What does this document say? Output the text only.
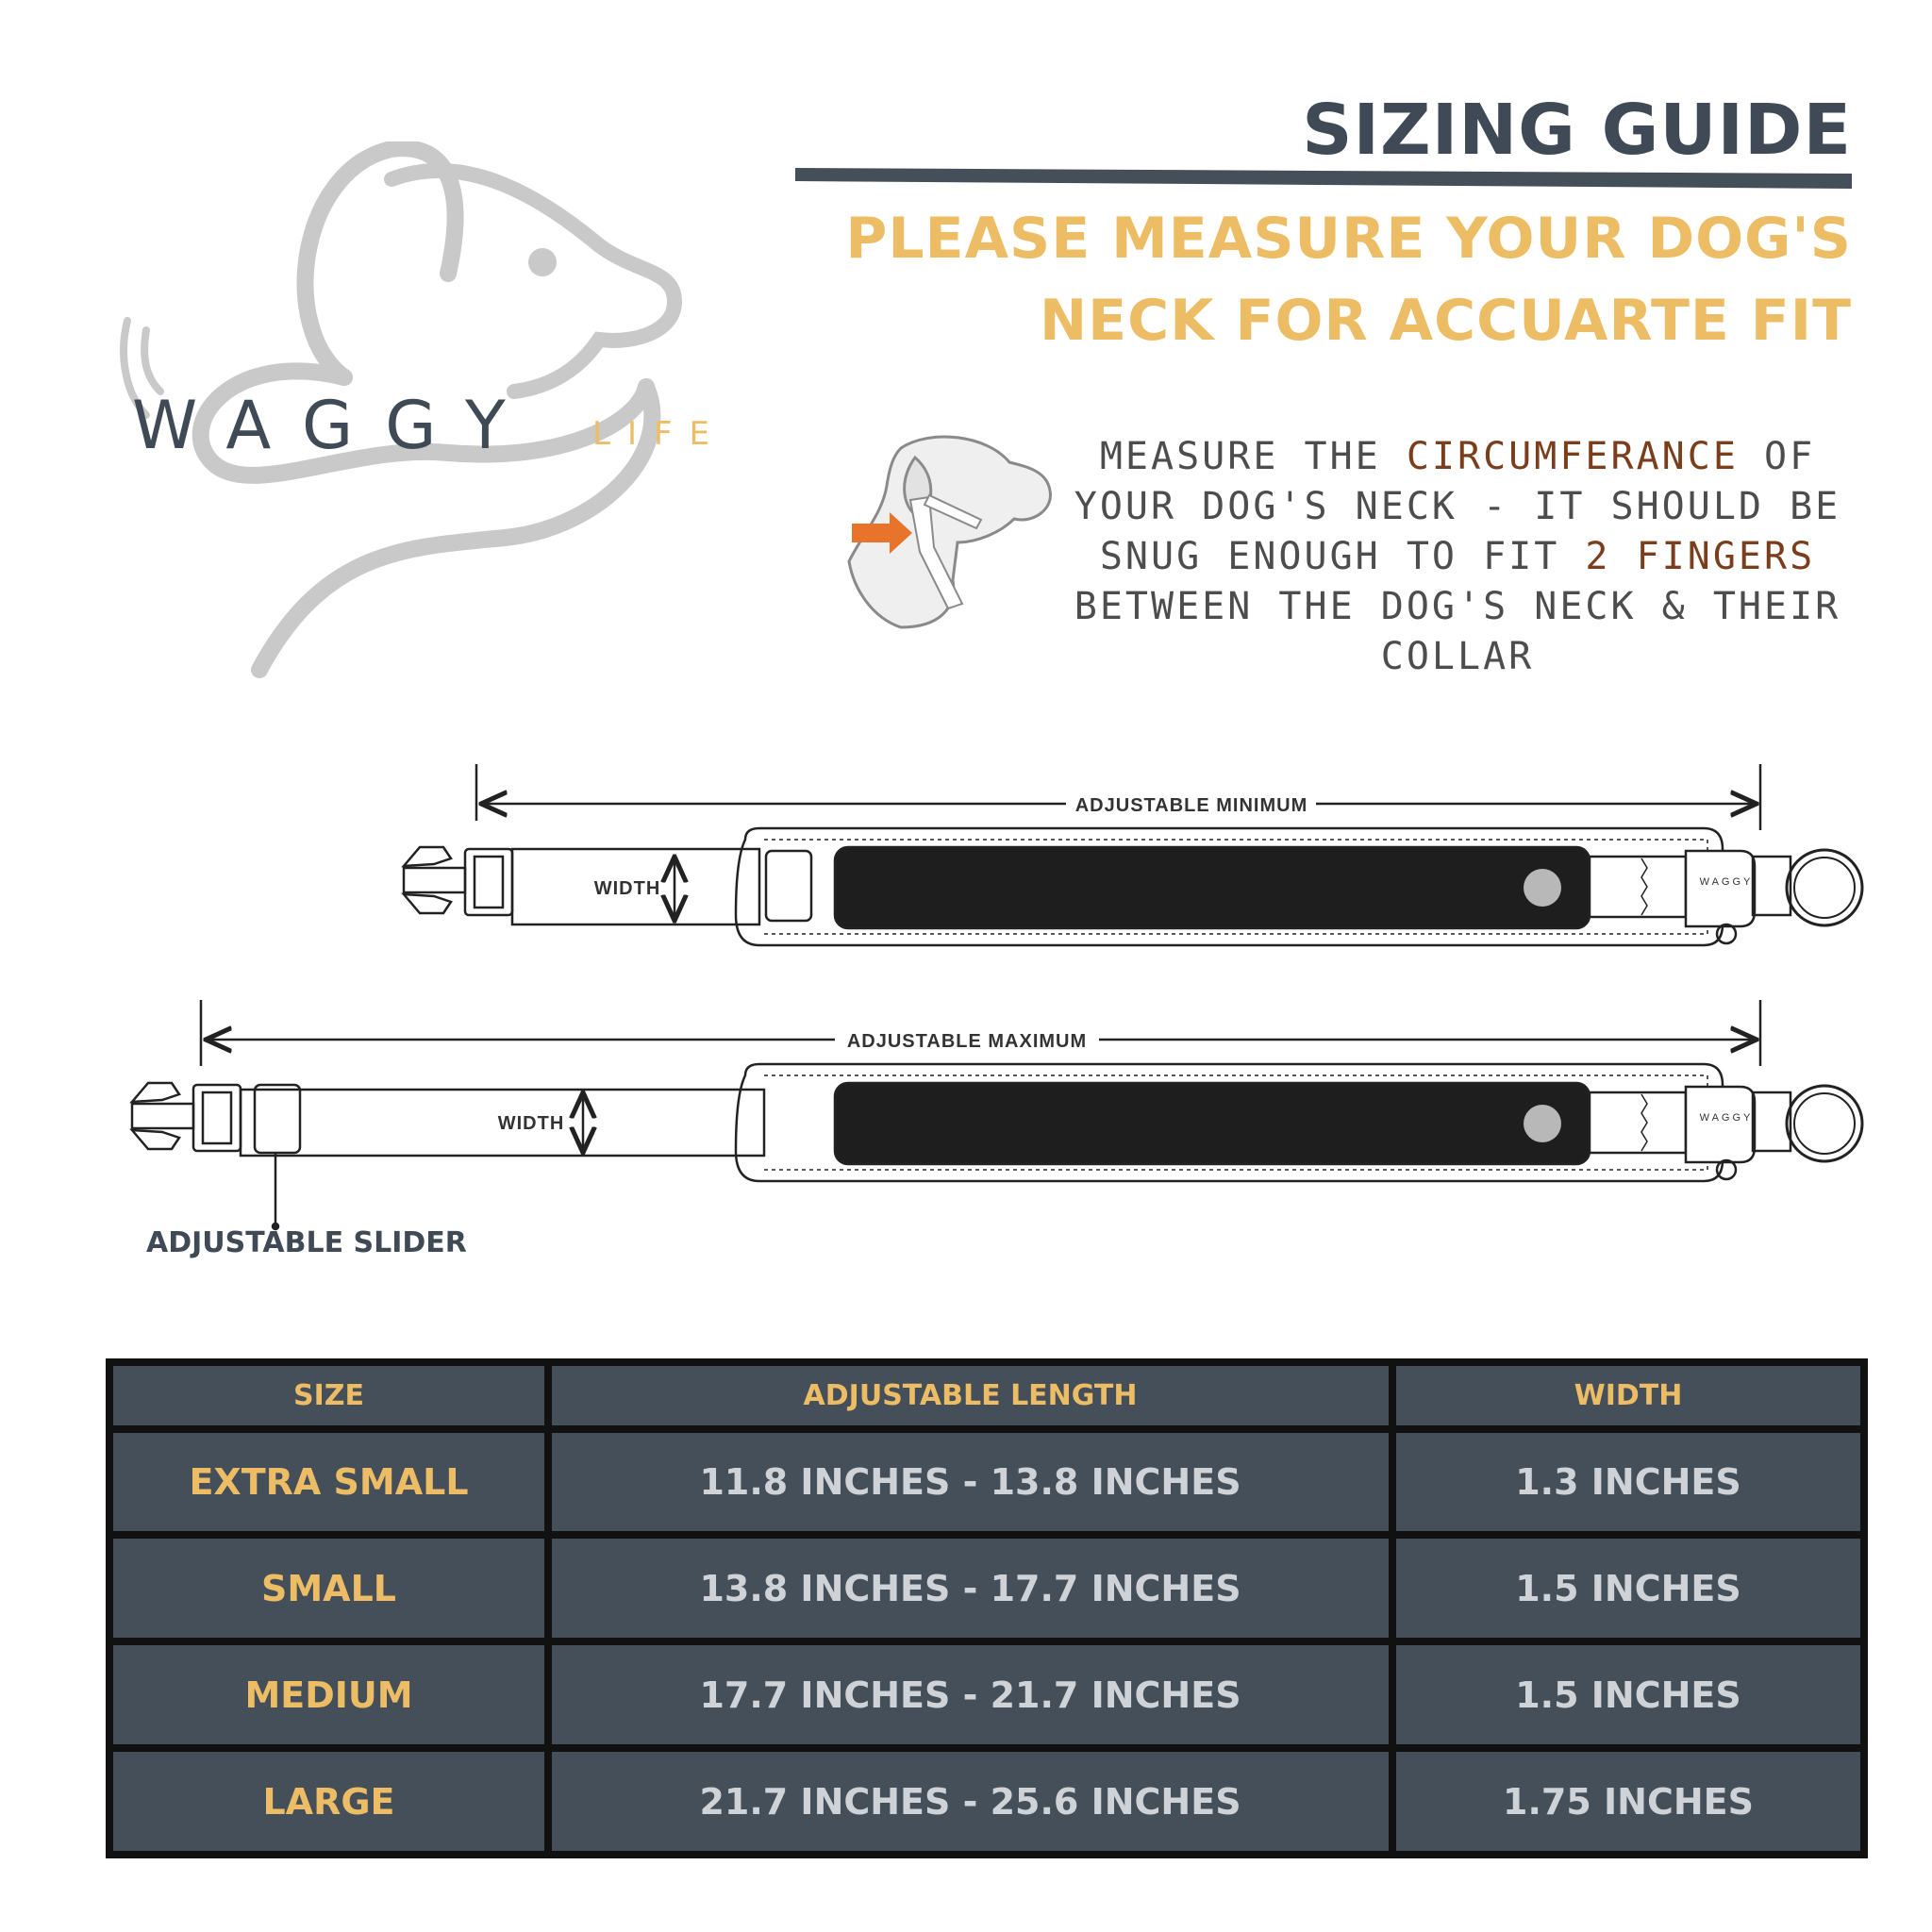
WAGGY LIFE
SIZING GUIDE
PLEASE MEASURE YOUR DOG'S
NECK FOR ACCUARTE FIT
MEASURE THE CIRCUMFERANCE OF YOUR DOG'S NECK - IT SHOULD BE SNUG ENOUGH TO FIT 2 FINGERS BETWEEN THE DOG'S NECK & THEIR COLLAR
ADJUSTABLE MINIMUM
WIDTH	WAGGY
ADJUSTABLE MAXIMUM
WIDTH	WAGGY
ADJUSTABLE SLIDER
SIZE	ADJUSTABLE LENGTH	WIDTH
EXTRA SMALL	11.8 INCHES - 13.8 INCHES	1.3 INCHES
SMALL	13.8 INCHES - 17.7 INCHES	1.5 INCHES
MEDIUM	17.7 INCHES - 21.7 INCHES	1.5 INCHES
LARGE	21.7 INCHES - 25.6 INCHES	1.75 INCHES
